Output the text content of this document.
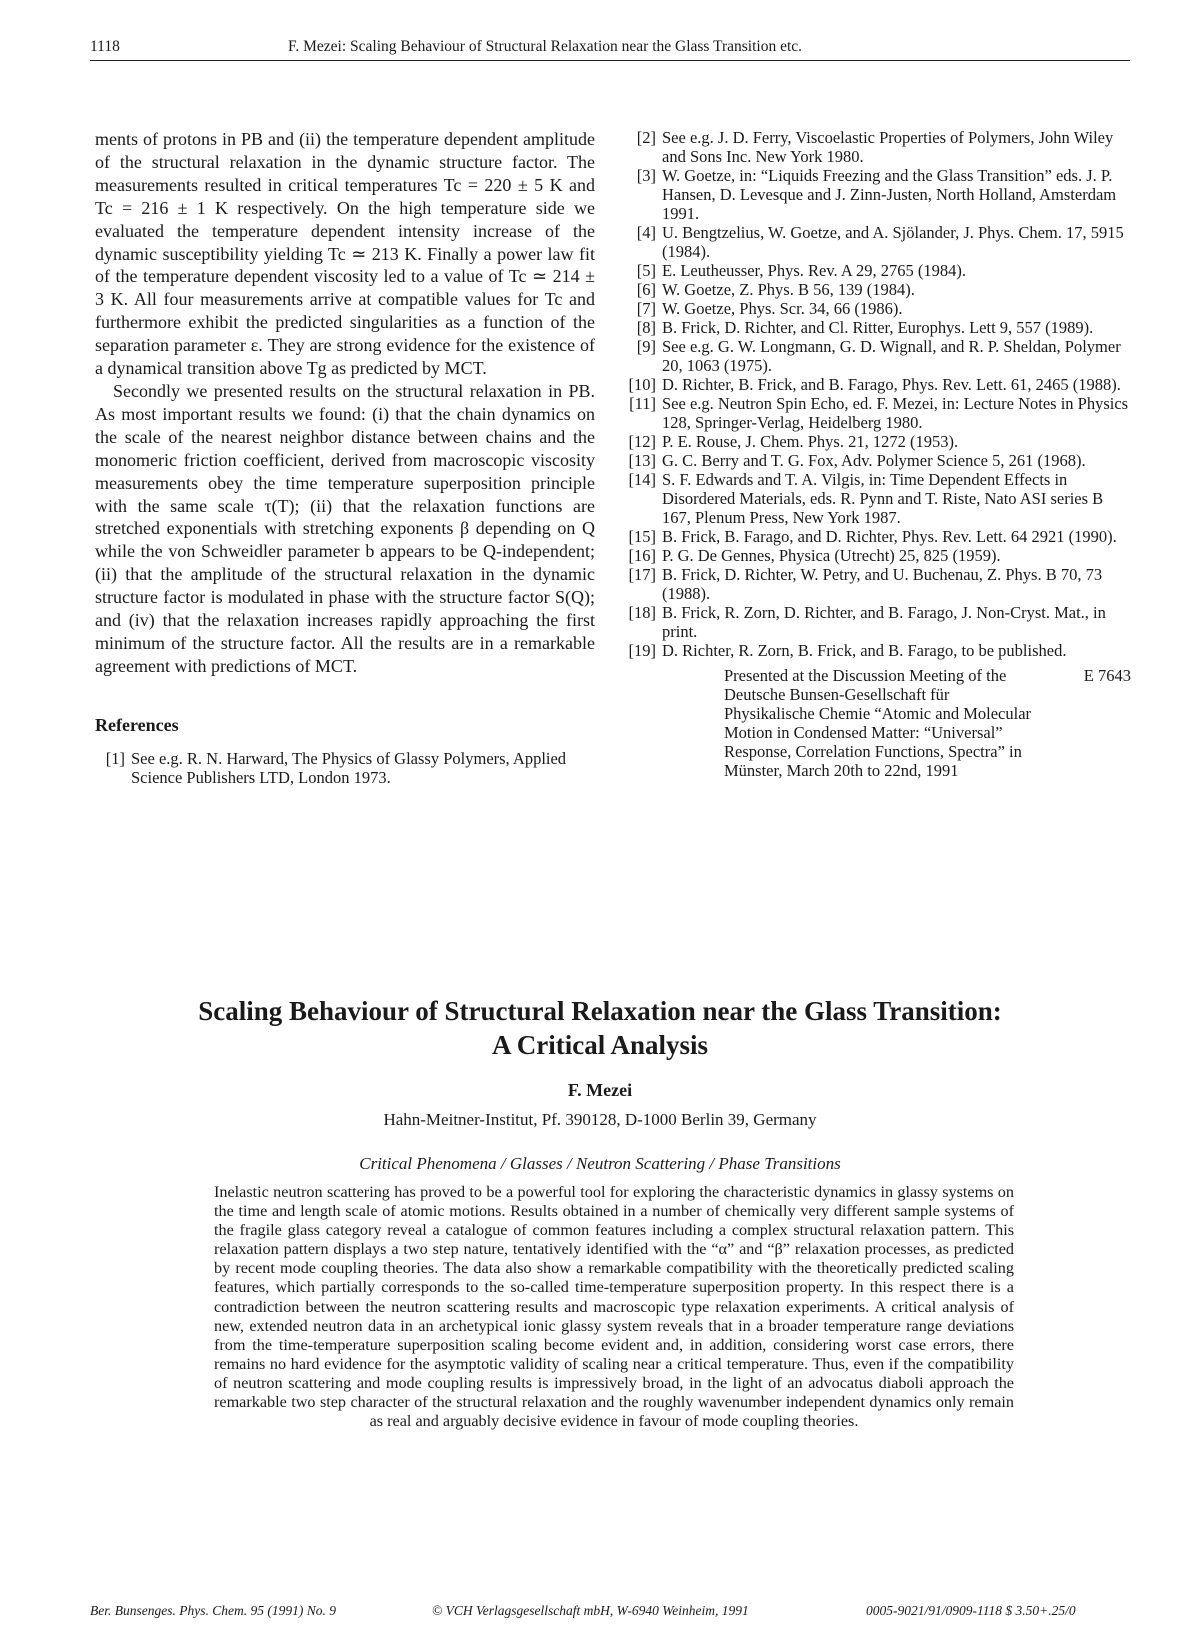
1118	F. Mezei: Scaling Behaviour of Structural Relaxation near the Glass Transition etc.

ments of protons in PB and (ii) the temperature dependent amplitude of the structural relaxation in the dynamic structure factor. The measurements resulted in critical temperatures Tc = 220 ± 5 K and Tc = 216 ± 1 K respectively. On the high temperature side we evaluated the temperature dependent intensity increase of the dynamic susceptibility yielding Tc ≃ 213 K. Finally a power law fit of the temperature dependent viscosity led to a value of Tc ≃ 214 ± 3 K. All four measurements arrive at compatible values for Tc and furthermore exhibit the predicted singularities as a function of the separation parameter ε. They are strong evidence for the existence of a dynamical transition above Tg as predicted by MCT.

Secondly we presented results on the structural relaxation in PB. As most important results we found: (i) that the chain dynamics on the scale of the nearest neighbor distance between chains and the monomeric friction coefficient, derived from macroscopic viscosity measurements obey the time temperature superposition principle with the same scale τ(T); (ii) that the relaxation functions are stretched exponentials with stretching exponents β depending on Q while the von Schweidler parameter b appears to be Q-independent; (ii) that the amplitude of the structural relaxation in the dynamic structure factor is modulated in phase with the structure factor S(Q); and (iv) that the relaxation increases rapidly approaching the first minimum of the structure factor. All the results are in a remarkable agreement with predictions of MCT.

References
[1] See e.g. R. N. Harward, The Physics of Glassy Polymers, Applied Science Publishers LTD, London 1973.
[2] See e.g. J. D. Ferry, Viscoelastic Properties of Polymers, John Wiley and Sons Inc. New York 1980.
[3] W. Goetze, in: “Liquids Freezing and the Glass Transition” eds. J. P. Hansen, D. Levesque and J. Zinn-Justen, North Holland, Amsterdam 1991.
[4] U. Bengtzelius, W. Goetze, and A. Sjölander, J. Phys. Chem. 17, 5915 (1984).
[5] E. Leutheusser, Phys. Rev. A 29, 2765 (1984).
[6] W. Goetze, Z. Phys. B 56, 139 (1984).
[7] W. Goetze, Phys. Scr. 34, 66 (1986).
[8] B. Frick, D. Richter, and Cl. Ritter, Europhys. Lett 9, 557 (1989).
[9] See e.g. G. W. Longmann, G. D. Wignall, and R. P. Sheldan, Polymer 20, 1063 (1975).
[10] D. Richter, B. Frick, and B. Farago, Phys. Rev. Lett. 61, 2465 (1988).
[11] See e.g. Neutron Spin Echo, ed. F. Mezei, in: Lecture Notes in Physics 128, Springer-Verlag, Heidelberg 1980.
[12] P. E. Rouse, J. Chem. Phys. 21, 1272 (1953).
[13] G. C. Berry and T. G. Fox, Adv. Polymer Science 5, 261 (1968).
[14] S. F. Edwards and T. A. Vilgis, in: Time Dependent Effects in Disordered Materials, eds. R. Pynn and T. Riste, Nato ASI series B 167, Plenum Press, New York 1987.
[15] B. Frick, B. Farago, and D. Richter, Phys. Rev. Lett. 64 2921 (1990).
[16] P. G. De Gennes, Physica (Utrecht) 25, 825 (1959).
[17] B. Frick, D. Richter, W. Petry, and U. Buchenau, Z. Phys. B 70, 73 (1988).
[18] B. Frick, R. Zorn, D. Richter, and B. Farago, J. Non-Cryst. Mat., in print.
[19] D. Richter, R. Zorn, B. Frick, and B. Farago, to be published.
Presented at the Discussion Meeting of the Deutsche Bunsen-Gesellschaft für Physikalische Chemie “Atomic and Molecular Motion in Condensed Matter: “Universal” Response, Correlation Functions, Spectra” in Münster, March 20th to 22nd, 1991
E 7643
Scaling Behaviour of Structural Relaxation near the Glass Transition:
A Critical Analysis
F. Mezei
Hahn-Meitner-Institut, Pf. 390128, D-1000 Berlin 39, Germany
Critical Phenomena / Glasses / Neutron Scattering / Phase Transitions

Inelastic neutron scattering has proved to be a powerful tool for exploring the characteristic dynamics in glassy systems on the time and length scale of atomic motions. Results obtained in a number of chemically very different sample systems of the fragile glass category reveal a catalogue of common features including a complex structural relaxation pattern. This relaxation pattern displays a two step nature, tentatively identified with the “α” and “β” relaxation processes, as predicted by recent mode coupling theories. The data also show a remarkable compatibility with the theoretically predicted scaling features, which partially corresponds to the so-called time-temperature superposition property. In this respect there is a contradiction between the neutron scattering results and macroscopic type relaxation experiments. A critical analysis of new, extended neutron data in an archetypical ionic glassy system reveals that in a broader temperature range deviations from the time-temperature superposition scaling become evident and, in addition, considering worst case errors, there remains no hard evidence for the asymptotic validity of scaling near a critical temperature. Thus, even if the compatibility of neutron scattering and mode coupling results is impressively broad, in the light of an advocatus diaboli approach the remarkable two step character of the structural relaxation and the roughly wavenumber independent dynamics only remain as real and arguably decisive evidence in favour of mode coupling theories.

Ber. Bunsenges. Phys. Chem. 95 (1991) No. 9	© VCH Verlagsgesellschaft mbH, W-6940 Weinheim, 1991	0005-9021/91/0909-1118 $ 3.50+.25/0
